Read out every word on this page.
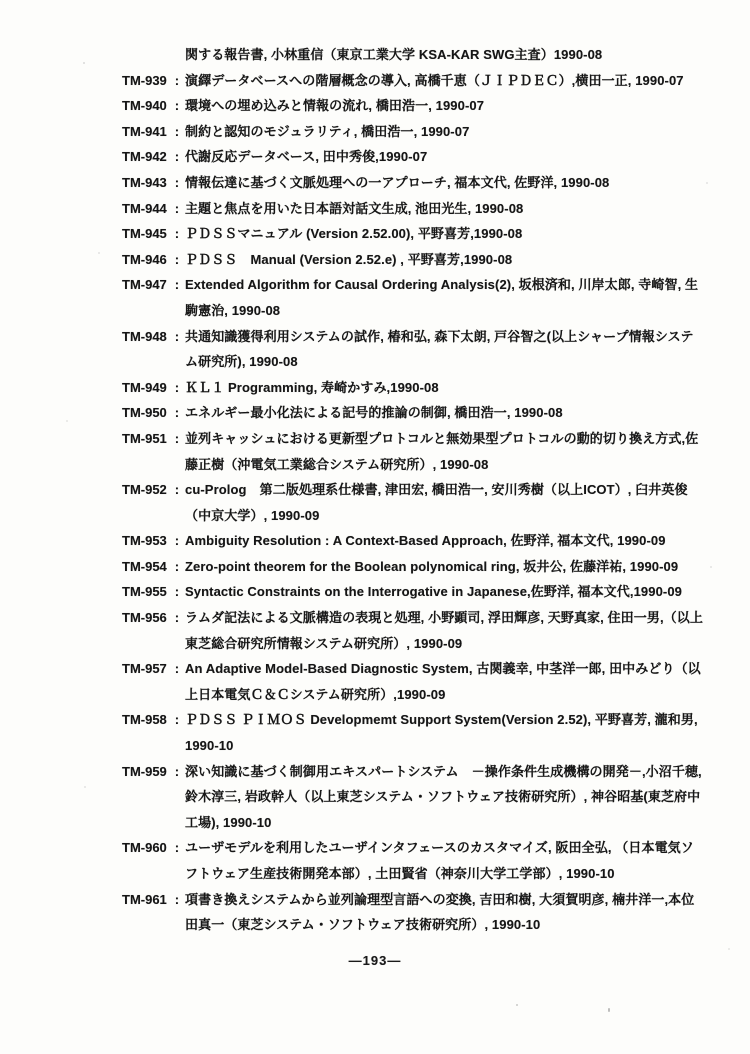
関する報告書, 小林重信（東京工業大学 KSA-KAR SWG主査）1990-08
TM-939 : 演繹データベースへの階層概念の導入, 高橋千恵（ＪＩＰＤＥＣ）,横田一正, 1990-07
TM-940 : 環境への埋め込みと情報の流れ, 橋田浩一, 1990-07
TM-941 : 制約と認知のモジュラリティ, 橋田浩一, 1990-07
TM-942 : 代謝反応データベース, 田中秀俊,1990-07
TM-943 : 情報伝達に基づく文脈処理への一アプローチ, 福本文代, 佐野洋, 1990-08
TM-944 : 主題と焦点を用いた日本語対話文生成, 池田光生, 1990-08
TM-945 : ＰＤＳＳマニュアル (Version 2.52.00), 平野喜芳,1990-08
TM-946 : ＰＤＳＳ　Manual (Version 2.52.e) , 平野喜芳,1990-08
TM-947 : Extended Algorithm for Causal Ordering Analysis(2), 坂根済和, 川岸太郎, 寺崎智, 生駒憲治, 1990-08
TM-948 : 共通知識獲得利用システムの試作, 椿和弘, 森下太朗, 戸谷智之(以上シャープ情報システム研究所), 1990-08
TM-949 : ＫＬ１ Programming, 寿崎かすみ,1990-08
TM-950 : エネルギー最小化法による記号的推論の制御, 橋田浩一, 1990-08
TM-951 : 並列キャッシュにおける更新型プロトコルと無効果型プロトコルの動的切り換え方式,佐藤正樹（沖電気工業総合システム研究所）, 1990-08
TM-952 : cu-Prolog　第二版処理系仕様書, 津田宏, 橋田浩一, 安川秀樹（以上ICOT）, 臼井英俊（中京大学）, 1990-09
TM-953 : Ambiguity Resolution : A Context-Based Approach, 佐野洋, 福本文代, 1990-09
TM-954 : Zero-point theorem for the Boolean polynomical ring, 坂井公, 佐藤洋祐, 1990-09
TM-955 : Syntactic Constraints on the Interrogative in Japanese,佐野洋, 福本文代,1990-09
TM-956 : ラムダ記法による文脈構造の表現と処理, 小野顕司, 浮田輝彦, 天野真家, 住田一男,（以上東芝総合研究所情報システム研究所）, 1990-09
TM-957 : An Adaptive Model-Based Diagnostic System, 古関義幸, 中茎洋一郎, 田中みどり（以上日本電気Ｃ＆Ｃシステム研究所）,1990-09
TM-958 : ＰＤＳＳ ＰＩＭＯＳ Developmemt Support System(Version 2.52), 平野喜芳, 瀧和男, 1990-10
TM-959 : 深い知識に基づく制御用エキスパートシステム　－操作条件生成機構の開発－,小沼千穂, 鈴木淳三, 岩政幹人（以上東芝システム・ソフトウェア技術研究所）, 神谷昭基(東芝府中工場), 1990-10
TM-960 : ユーザモデルを利用したユーザインタフェースのカスタマイズ, 阪田全弘, （日本電気ソフトウェア生産技術開発本部）, 土田賢省（神奈川大学工学部）, 1990-10
TM-961 : 項書き換えシステムから並列論理型言語への変換, 吉田和樹, 大須賀明彦, 楠井洋一,本位田真一（東芝システム・ソフトウェア技術研究所）, 1990-10
—193—
